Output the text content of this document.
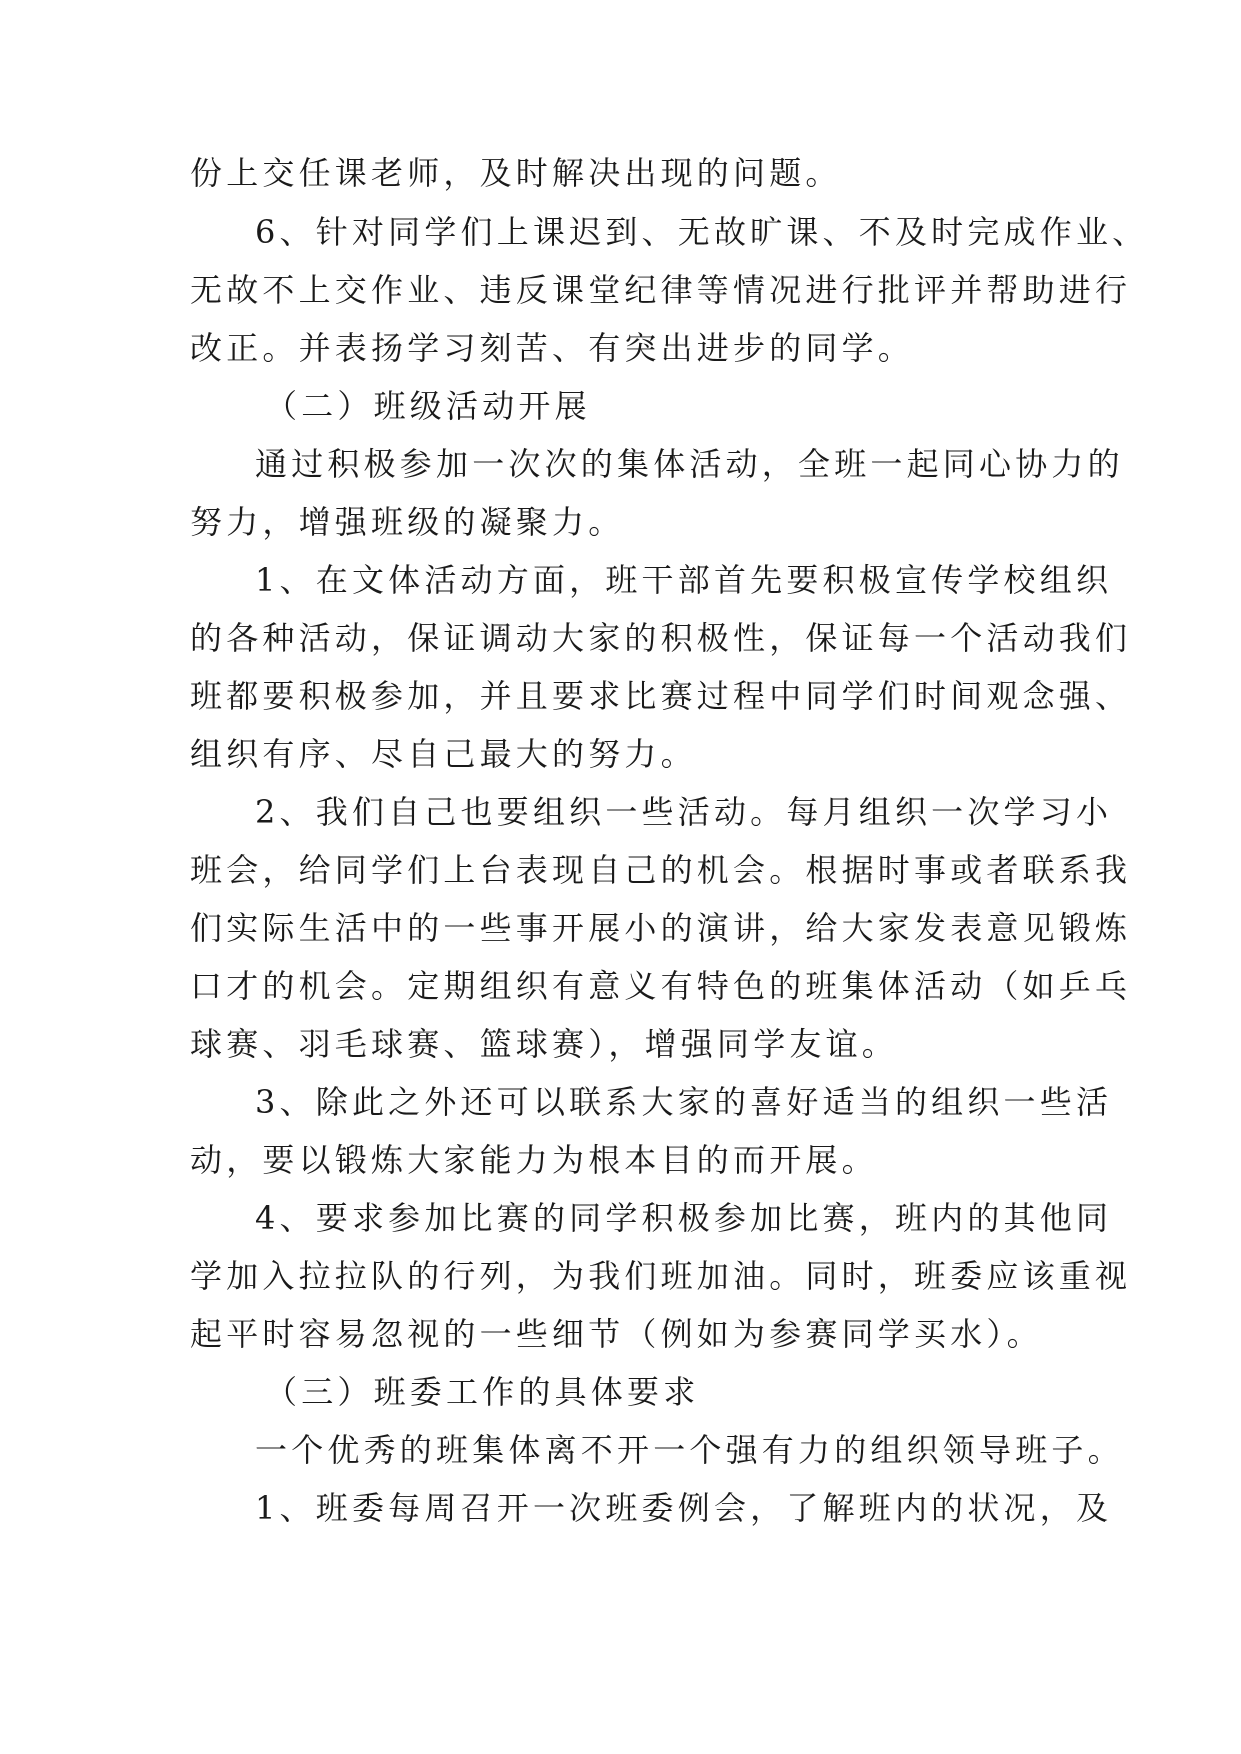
份上交任课老师，及时解决出现的问题。
6、针对同学们上课迟到、无故旷课、不及时完成作业、
无故不上交作业、违反课堂纪律等情况进行批评并帮助进行
改正。并表扬学习刻苦、有突出进步的同学。
（二）班级活动开展
通过积极参加一次次的集体活动，全班一起同心协力的
努力，增强班级的凝聚力。
1、在文体活动方面，班干部首先要积极宣传学校组织
的各种活动，保证调动大家的积极性，保证每一个活动我们
班都要积极参加，并且要求比赛过程中同学们时间观念强、
组织有序、尽自己最大的努力。
2、我们自己也要组织一些活动。每月组织一次学习小
班会，给同学们上台表现自己的机会。根据时事或者联系我
们实际生活中的一些事开展小的演讲，给大家发表意见锻炼
口才的机会。定期组织有意义有特色的班集体活动（如乒乓
球赛、羽毛球赛、篮球赛），增强同学友谊。
3、除此之外还可以联系大家的喜好适当的组织一些活
动，要以锻炼大家能力为根本目的而开展。
4、要求参加比赛的同学积极参加比赛，班内的其他同
学加入拉拉队的行列，为我们班加油。同时，班委应该重视
起平时容易忽视的一些细节（例如为参赛同学买水）。
（三）班委工作的具体要求
一个优秀的班集体离不开一个强有力的组织领导班子。
1、班委每周召开一次班委例会，了解班内的状况，及
